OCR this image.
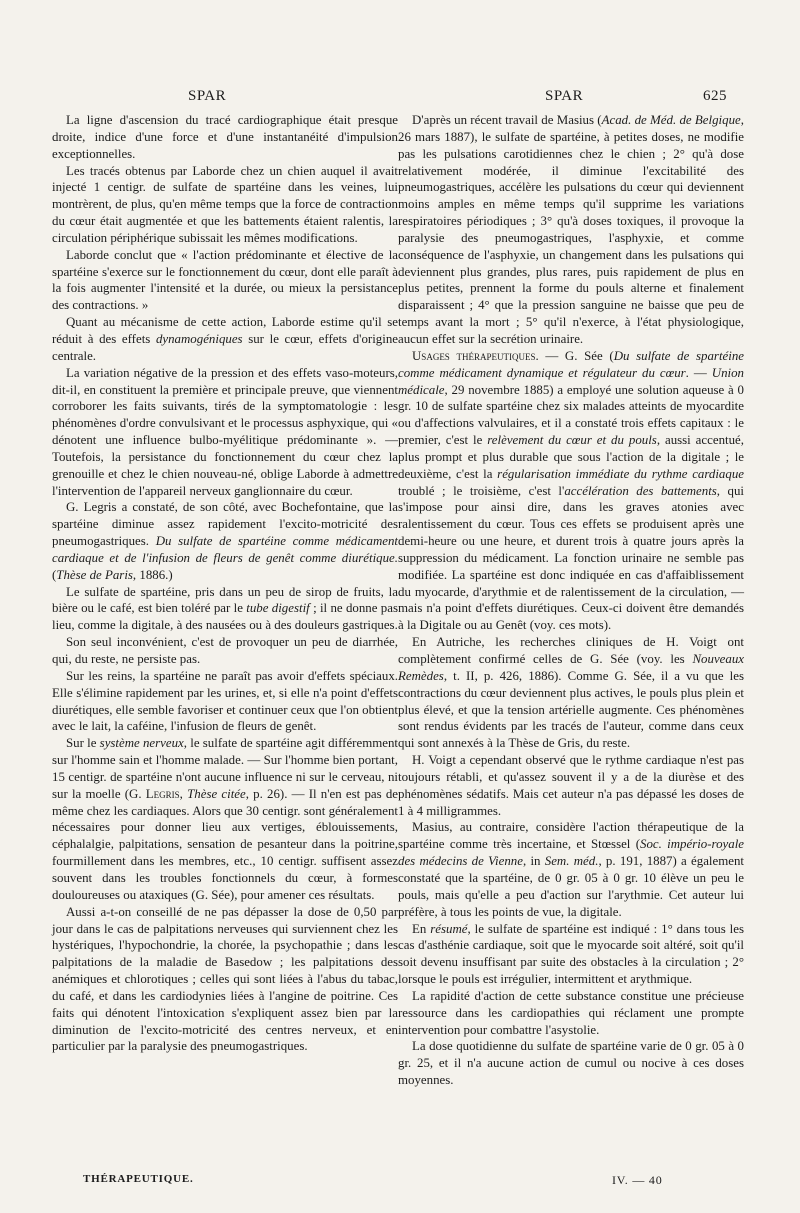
SPAR	SPAR	625

La ligne d'ascension du tracé cardiographique était presque droite, indice d'une force et d'une instantanéité d'impulsion exceptionnelles.

Les tracés obtenus par Laborde chez un chien auquel il avait injecté 1 centigr. de sulfate de spartéine dans les veines, lui montrèrent, de plus, qu'en même temps que la force de contraction du cœur était augmentée et que les battements étaient ralentis, la circulation périphérique subissait les mêmes modifications.

Laborde conclut que « l'action prédominante et élective de la spartéine s'exerce sur le fonctionnement du cœur, dont elle paraît à la fois augmenter l'intensité et la durée, ou mieux la persistance des contractions. »

Quant au mécanisme de cette action, Laborde estime qu'il se réduit à des effets dynamogéniques sur le cœur, effets d'origine centrale.

La variation négative de la pression et des effets vaso-moteurs, dit-il, en constituent la première et principale preuve, que viennent corroborer les faits suivants, tirés de la symptomatologie : les phénomènes d'ordre convulsivant et le processus asphyxique, qui « dénotent une influence bulbo-myélitique prédominante ». — Toutefois, la persistance du fonctionnement du cœur chez la grenouille et chez le chien nouveau-né, oblige Laborde à admettre l'intervention de l'appareil nerveux ganglionnaire du cœur.

G. Legris a constaté, de son côté, avec Bochefontaine, que la spartéine diminue assez rapidement l'excito-motricité des pneumogastriques. Du sulfate de spartéine comme médicament cardiaque et de l'infusion de fleurs de genêt comme diurétique. (Thèse de Paris, 1886.)

Le sulfate de spartéine, pris dans un peu de sirop de fruits, la bière ou le café, est bien toléré par le tube digestif ; il ne donne pas lieu, comme la digitale, à des nausées ou à des douleurs gastriques.

Son seul inconvénient, c'est de provoquer un peu de diarrhée, qui, du reste, ne persiste pas.

Sur les reins, la spartéine ne paraît pas avoir d'effets spéciaux. Elle s'élimine rapidement par les urines, et, si elle n'a point d'effets diurétiques, elle semble favoriser et continuer ceux que l'on obtient avec le lait, la caféine, l'infusion de fleurs de genêt.

Sur le système nerveux, le sulfate de spartéine agit différemment sur l'homme sain et l'homme malade. — Sur l'homme bien portant, 15 centigr. de spartéine n'ont aucune influence ni sur le cerveau, ni sur la moelle (G. Legris, Thèse citée, p. 26). — Il n'en est pas de même chez les cardiaques. Alors que 30 centigr. sont généralement nécessaires pour donner lieu aux vertiges, éblouissements, céphalalgie, palpitations, sensation de pesanteur dans la poitrine, fourmillement dans les membres, etc., 10 centigr. suffisent assez souvent dans les troubles fonctionnels du cœur, à formes douloureuses ou ataxiques (G. Sée), pour amener ces résultats.

Aussi a-t-on conseillé de ne pas dépasser la dose de 0,50 par jour dans le cas de palpitations nerveuses qui surviennent chez les hystériques, l'hypochondrie, la chorée, la psychopathie ; dans les palpitations de la maladie de Basedow ; les palpitations des anémiques et chlorotiques ; celles qui sont liées à l'abus du tabac, du café, et dans les cardiodynies liées à l'angine de poitrine. Ces faits qui dénotent l'intoxication s'expliquent assez bien par la diminution de l'excito-motricité des centres nerveux, et en particulier par la paralysie des pneumogastriques.

D'après un récent travail de Masius (Acad. de Méd. de Belgique, 26 mars 1887), le sulfate de spartéine, à petites doses, ne modifie pas les pulsations carotidiennes chez le chien ; 2° qu'à dose relativement modérée, il diminue l'excitabilité des pneumogastriques, accélère les pulsations du cœur qui deviennent moins amples en même temps qu'il supprime les variations respiratoires périodiques ; 3° qu'à doses toxiques, il provoque la paralysie des pneumogastriques, l'asphyxie, et comme conséquence de l'asphyxie, un changement dans les pulsations qui deviennent plus grandes, plus rares, puis rapidement de plus en plus petites, prennent la forme du pouls alterne et finalement disparaissent ; 4° que la pression sanguine ne baisse que peu de temps avant la mort ; 5° qu'il n'exerce, à l'état physiologique, aucun effet sur la secrétion urinaire.

Usages thérapeutiques. — G. Sée (Du sulfate de spartéine comme médicament dynamique et régulateur du cœur. — Union médicale, 29 novembre 1885) a employé une solution aqueuse à 0 gr. 10 de sulfate spartéine chez six malades atteints de myocardite ou d'affections valvulaires, et il a constaté trois effets capitaux : le premier, c'est le relèvement du cœur et du pouls, aussi accentué, plus prompt et plus durable que sous l'action de la digitale ; le deuxième, c'est la régularisation immédiate du rythme cardiaque troublé ; le troisième, c'est l'accélération des battements, qui s'impose pour ainsi dire, dans les graves atonies avec ralentissement du cœur. Tous ces effets se produisent après une demi-heure ou une heure, et durent trois à quatre jours après la suppression du médicament. La fonction urinaire ne semble pas modifiée. La spartéine est donc indiquée en cas d'affaiblissement du myocarde, d'arythmie et de ralentissement de la circulation, — mais n'a point d'effets diurétiques. Ceux-ci doivent être demandés à la Digitale ou au Genêt (voy. ces mots).

En Autriche, les recherches cliniques de H. Voigt ont complètement confirmé celles de G. Sée (voy. les Nouveaux Remèdes, t. II, p. 426, 1886). Comme G. Sée, il a vu que les contractions du cœur deviennent plus actives, le pouls plus plein et plus élevé, et que la tension artérielle augmente. Ces phénomènes sont rendus évidents par les tracés de l'auteur, comme dans ceux qui sont annexés à la Thèse de Gris, du reste.

H. Voigt a cependant observé que le rythme cardiaque n'est pas toujours rétabli, et qu'assez souvent il y a de la diurèse et des phénomènes sédatifs. Mais cet auteur n'a pas dépassé les doses de 1 à 4 milligrammes.

Masius, au contraire, considère l'action thérapeutique de la spartéine comme très incertaine, et Stœssel (Soc. império-royale des médecins de Vienne, in Sem. méd., p. 191, 1887) a également constaté que la spartéine, de 0 gr. 05 à 0 gr. 10 élève un peu le pouls, mais qu'elle a peu d'action sur l'arythmie. Cet auteur lui préfère, à tous les points de vue, la digitale.

En résumé, le sulfate de spartéine est indiqué : 1° dans tous les cas d'asthénie cardiaque, soit que le myocarde soit altéré, soit qu'il soit devenu insuffisant par suite des obstacles à la circulation ; 2° lorsque le pouls est irrégulier, intermittent et arythmique.

La rapidité d'action de cette substance constitue une précieuse ressource dans les cardiopathies qui réclament une prompte intervention pour combattre l'asystolie.

La dose quotidienne du sulfate de spartéine varie de 0 gr. 05 à 0 gr. 25, et il n'a aucune action de cumul ou nocive à ces doses moyennes.

THÉRAPEUTIQUE.	IV. — 40
